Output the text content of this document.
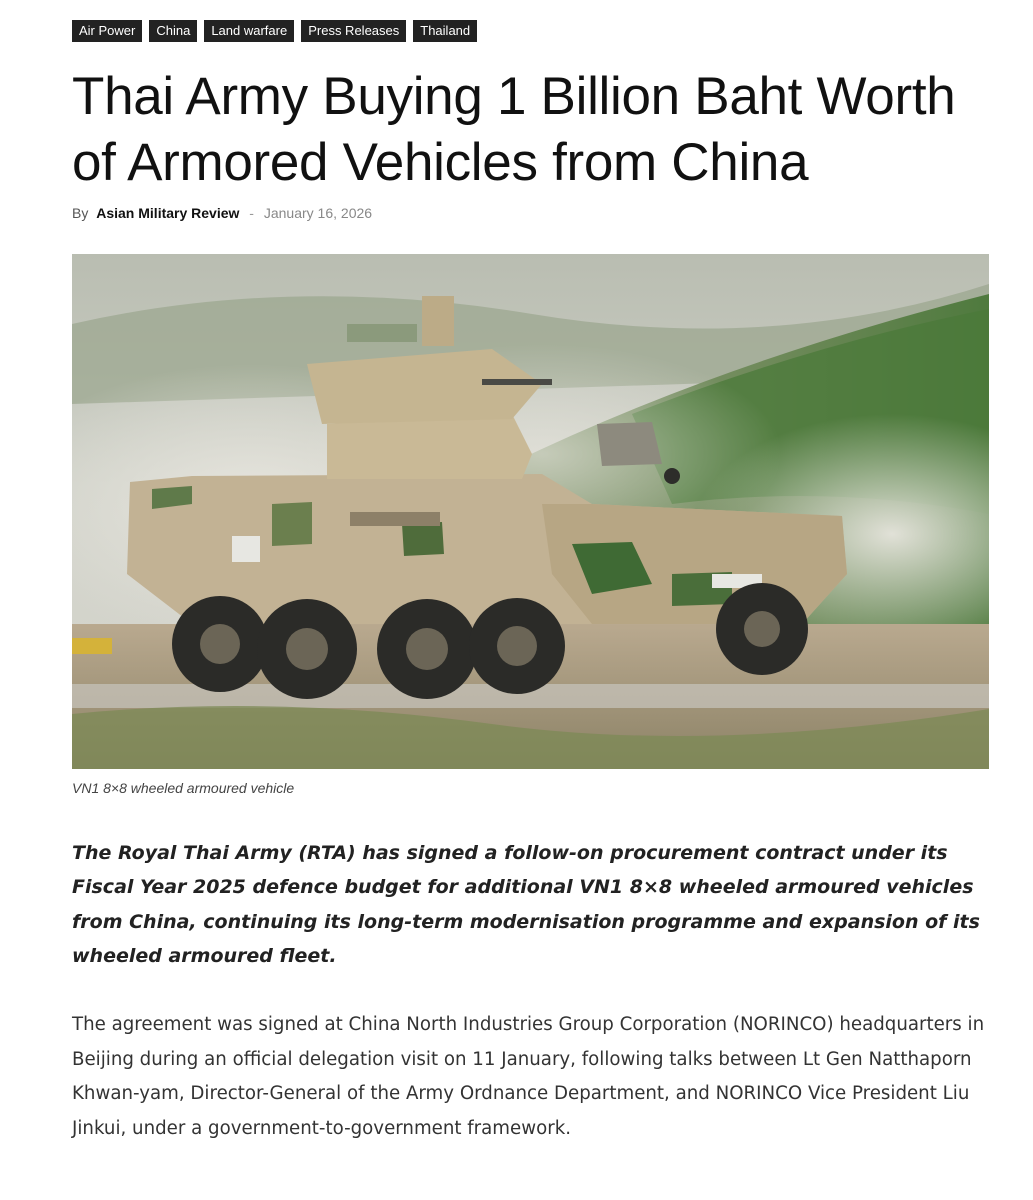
Air Power	China	Land warfare	Press Releases	Thailand
Thai Army Buying 1 Billion Baht Worth of Armored Vehicles from China
By Asian Military Review - January 16, 2026
VN1 8×8 wheeled armoured vehicle

The Royal Thai Army (RTA) has signed a follow-on procurement contract under its Fiscal Year 2025 defence budget for additional VN1 8×8 wheeled armoured vehicles from China, continuing its long-term modernisation programme and expansion of its wheeled armoured fleet.

The agreement was signed at China North Industries Group Corporation (NORINCO) headquarters in Beijing during an official delegation visit on 11 January, following talks between Lt Gen Natthaporn Khwan-yam, Director-General of the Army Ordnance Department, and NORINCO Vice President Liu Jinkui, under a government-to-government framework.
